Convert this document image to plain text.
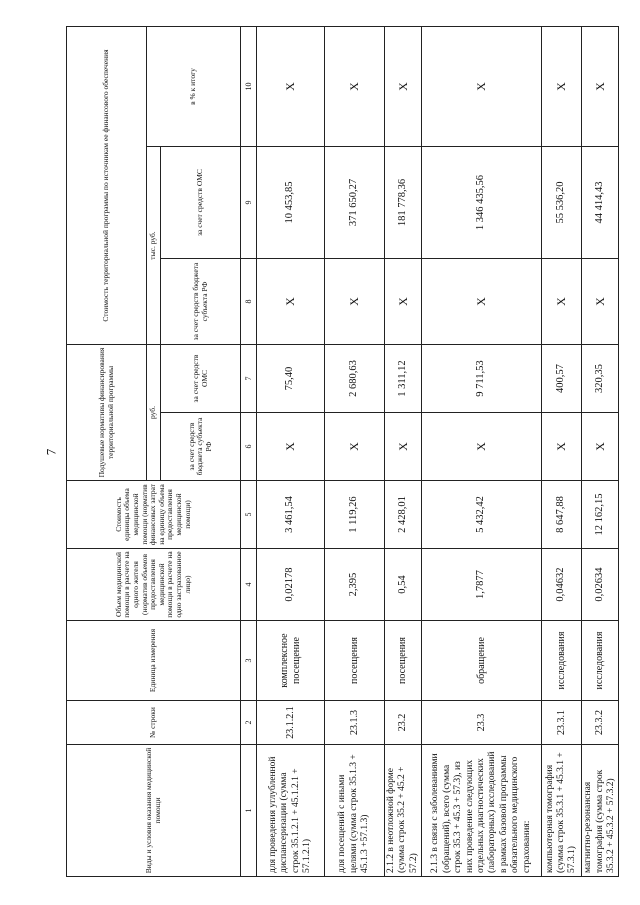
7
Виды и условия оказания медицинской помощи	№ строки	Единица измерения	Объем медицинской помощи в расчете на одного жителя (норматив объемов предоставления медицинской помощи в расчете на одно застрахованное лицо)	Стоимость единицы объема медицинской помощи (норматив финансовых затрат на единицу объема предоставления медицинской помощи)	Подушевые нормативы финансирования территориальной программы		Стоимость территориальной программы по источникам ее финансового обеспечения		
					руб.		тыс. руб.		в % к итогу
					за счет средств бюджета субъекта РФ	за счет средств ОМС	за счет средств бюджета субъекта РФ	за счет средств ОМС	
1	2	3	4	5	6	7	8	9	10
для проведения углубленной диспансеризации (сумма строк 35.1.2.1 + 45.1.2.1 + 57.1.2.1)	23.1.2.1	комплексное посещение	0,02178	3 461,54	X	75,40	X	10 453,85	X
для посещений с иными целями (сумма строк 35.1.3 + 45.1.3 +57.1.3)	23.1.3	посещения	2,395	1 119,26	X	2 680,63	X	371 650,27	X
2.1.2 в неотложной форме (сумма строк 35.2 + 45.2 + 57.2)	23.2	посещения	0,54	2 428,01	X	1 311,12	X	181 778,36	X
2.1.3 в связи с заболеваниями (обращений), всего (сумма строк 35.3 + 45.3 + 57.3), из них проведение следующих отдельных диагностических (лабораторных) исследований в рамках базовой программы обязательного медицинского страхования:	23.3	обращение	1,7877	5 432,42	X	9 711,53	X	1 346 435,56	X
компьютерная томография (сумма строк 35.3.1 + 45.3.1 + 57.3.1)	23.3.1	исследования	0,04632	8 647,88	X	400,57	X	55 536,20	X
магнитно-резонансная томография (сумма строк 35.3.2 + 45.3.2 + 57.3.2)	23.3.2	исследования	0,02634	12 162,15	X	320,35	X	44 414,43	X
